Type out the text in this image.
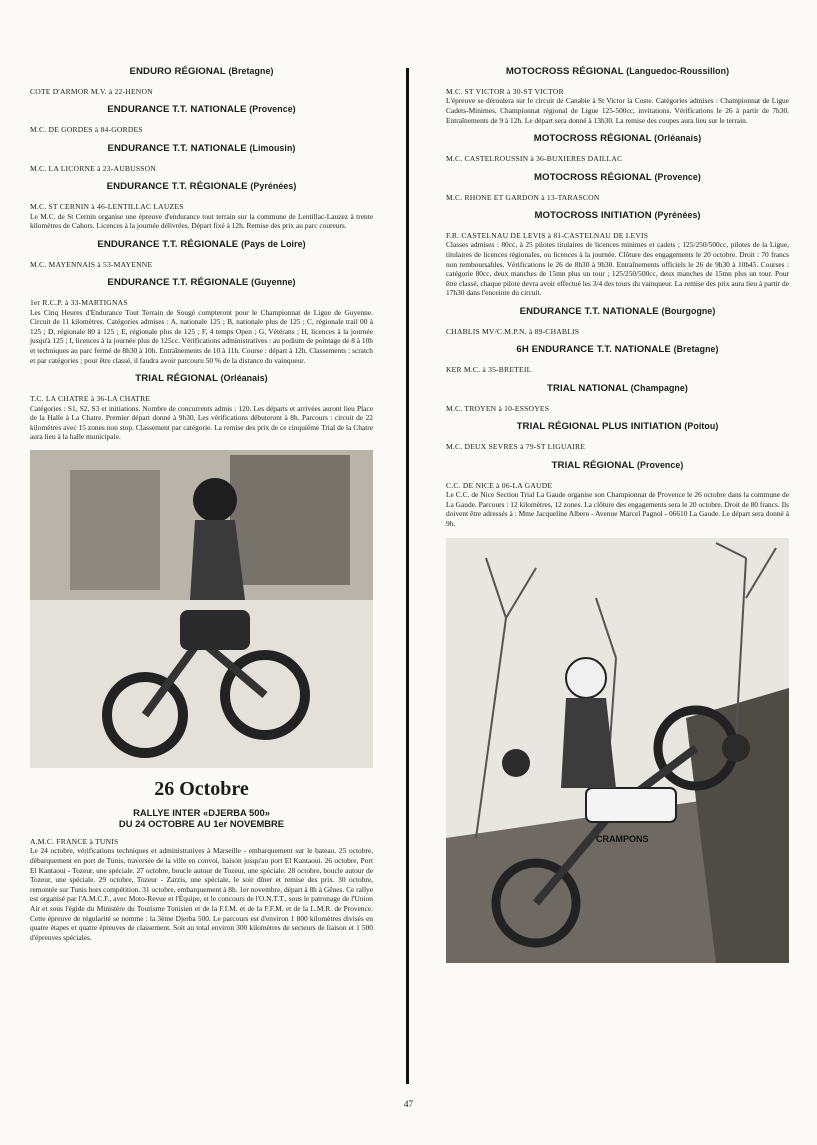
ENDURO RÉGIONAL (Bretagne)
COTE D'ARMOR M.V. à 22-HENON
ENDURANCE T.T. NATIONALE (Provence)
M.C. DE GORDES à 84-GORDES
ENDURANCE T.T. NATIONALE (Limousin)
M.C. LA LICORNE à 23-AUBUSSON
ENDURANCE T.T. RÉGIONALE (Pyrénées)
M.C. ST CERNIN à 46-LENTILLAC LAUZES

Le M.C. de St Cernin organise une épreuve d'endurance tout terrain sur la commune de Lentillac-Lauzez à trente kilomètres de Cahors. Licences à la journée délivrées. Départ fixé à 12h. Remise des prix au parc coureurs.

ENDURANCE T.T. RÉGIONALE (Pays de Loire)
M.C. MAYENNAIS à 53-MAYENNE
ENDURANCE T.T. RÉGIONALE (Guyenne)
1er R.C.P. à 33-MARTIGNAS

Les Cinq Heures d'Endurance Tout Terrain de Sougé compteront pour le Championnat de Ligue de Guyenne. Circuit de 11 kilomètres. Catégories admises : A, nationale 125 ; B, nationale plus de 125 ; C, régionale trail 00 à 125 ; D, régionale 80 à 125 ; E, régionale plus de 125 ; F, 4 temps Open ; G, Vétérans ; H, licences à la journée jusqu'à 125 ; I, licences à la journée plus de 125cc. Vérifications administratives : au podium de pointage de 8 à 10h et techniques au parc fermé de 8h30 à 10h. Entraînements de 10 à 11h. Course : départ à 12h. Classements : scratch et par catégories ; pour être classé, il faudra avoir parcouru 50 % de la distance du vainqueur.

TRIAL RÉGIONAL (Orléanais)
T.C. LA CHATRE à 36-LA CHATRE

Catégories : S1, S2, S3 et initiations. Nombre de concurrents admis : 120. Les départs et arrivées auront lieu Place de la Halle à La Chatre. Premier départ donné à 9h30. Les vérifications débuteront à 8h. Parcours : circuit de 22 kilomètres avec 15 zones non stop. Classement par catégorie. La remise des prix de ce cinquième Trial de la Chatre aura lieu à la halle municipale.

26 Octobre
RALLYE INTER «DJERBA 500»
DU 24 OCTOBRE AU 1er NOVEMBRE
A.M.C. FRANCE à TUNIS

Le 24 octobre, vérifications techniques et administratives à Marseille - embarquement sur le bateau. 25 octobre, débarquement en port de Tunis, traversée de la ville en convoi, liaison jusqu'au port El Kantaoui. 26 octobre, Port El Kantaoui - Tozeur, une spéciale. 27 octobre, boucle autour de Tozeur, une spéciale. 28 octobre, boucle autour de Tozeur, une spéciale. 29 octobre, Tozeur - Zarzis, une spéciale, le soir dîner et remise des prix. 30 octobre, remontée sur Tunis hors compétition. 31 octobre, embarquement à 8h. 1er novembre, départ à 8h à Gênes. Ce rallye est organisé par l'A.M.C.F., avec Moto-Revue et l'Équipe, et le concours de l'O.N.T.T., sous le patronage de l'Union Air et sous l'égide du Ministère du Tourisme Tunisien et de la F.I.M. et de la F.F.M. et de la L.M.R. de Provence. Cette épreuve de régularité se nomme : la 3ème Djerba 500. Le parcours est d'environ 1 800 kilomètres divisés en quatre étapes et quatre épreuves de classement. Soit au total environ 300 kilomètres de secteurs de liaison et 1 500 d'épreuves spéciales.

MOTOCROSS RÉGIONAL (Languedoc-Roussillon)
M.C. ST VICTOR à 30-ST VICTOR

L'épreuve se déroulera sur le circuit de Canabie à St Victor la Coste. Catégories admises : Championnat de Ligue Cadets-Minimes, Championnat régional de Ligue 125-500cc, invitations. Vérifications le 26 à partir de 7h30. Entraînements de 9 à 12h. Le départ sera donné à 13h30. La remise des coupes aura lieu sur le terrain.

MOTOCROSS RÉGIONAL (Orléanais)
M.C. CASTELROUSSIN à 36-BUXIERES DAILLAC
MOTOCROSS RÉGIONAL (Provence)
M.C. RHONE ET GARDON à 13-TARASCON
MOTOCROSS INITIATION (Pyrénées)
F.R. CASTELNAU DE LEVIS à 81-CASTELNAU DE LEVIS

Classes admises : 80cc, à 25 pilotes titulaires de licences minimes et cadets ; 125/250/500cc, pilotes de la Ligue, titulaires de licences régionales, ou licences à la journée. Clôture des engagements le 20 octobre. Droit : 70 francs non remboursables. Vérifications le 26 de 8h30 à 9h30. Entraînements officiels le 26 de 9h30 à 10h45. Courses : catégorie 80cc, deux manches de 15mn plus un tour ; 125/250/500cc, deux manches de 15mn plus un tour. Pour être classé, chaque pilote devra avoir effectué les 3/4 des tours du vainqueur. La remise des prix aura lieu à partir de 17h30 dans l'enceinte du circuit.

ENDURANCE T.T. NATIONALE (Bourgogne)
CHABLIS MV/C.M.P.N. à 89-CHABLIS
6H ENDURANCE T.T. NATIONALE (Bretagne)
KER M.C. à 35-BRETEIL
TRIAL NATIONAL (Champagne)
M.C. TROYEN à 10-ESSOYES
TRIAL RÉGIONAL PLUS INITIATION (Poitou)
M.C. DEUX SEVRES à 79-ST LIGUAIRE
TRIAL RÉGIONAL (Provence)
C.C. DE NICE à 06-LA GAUDE

Le C.C. de Nice Section Trial La Gaude organise son Championnat de Provence le 26 octobre dans la commune de La Gaude. Parcours : 12 kilomètres, 12 zones. La clôture des engagements sera le 20 octobre. Droit de 80 francs. Ils doivent être adressés à : Mme Jacqueline Albero - Avenue Marcel Pagnol - 06610 La Gaude. Le départ sera donné à 9h.

CRAMPONS
47
